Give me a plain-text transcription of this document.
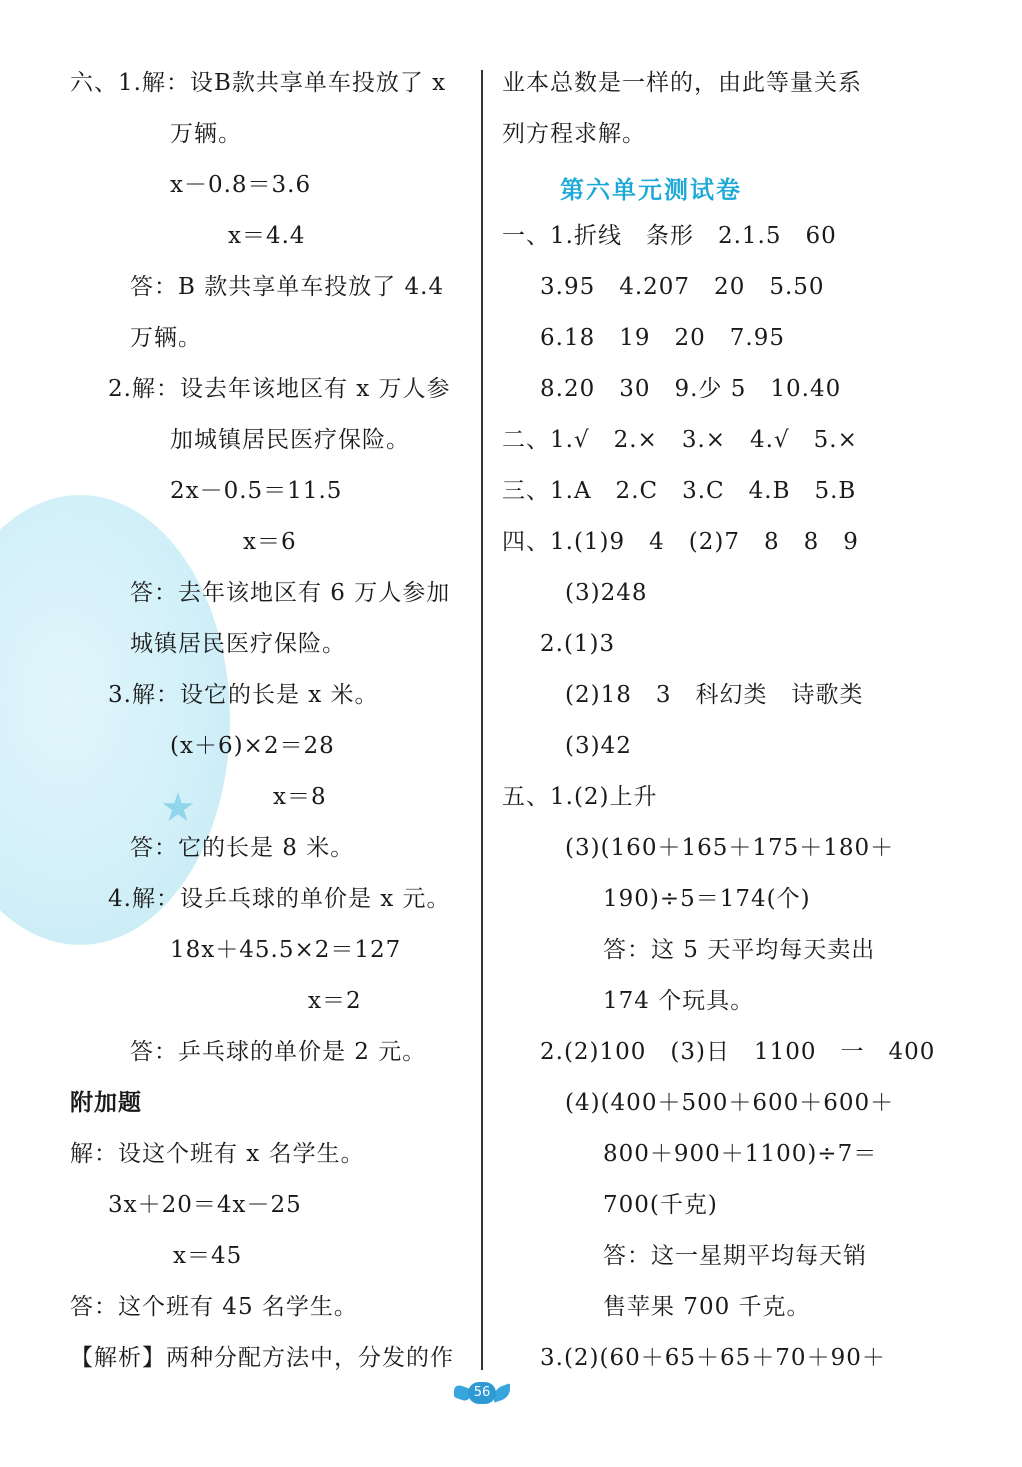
★
六、1.解：设B款共享单车投放了 x
万辆。
x－0.8＝3.6
x＝4.4
答：B 款共享单车投放了 4.4
万辆。
2.解：设去年该地区有 x 万人参
加城镇居民医疗保险。
2x－0.5＝11.5
x＝6
答：去年该地区有 6 万人参加
城镇居民医疗保险。
3.解：设它的长是 x 米。
(x＋6)×2＝28
x＝8
答：它的长是 8 米。
4.解：设乒乓球的单价是 x 元。
18x＋45.5×2＝127
x＝2
答：乒乓球的单价是 2 元。
附加题
解：设这个班有 x 名学生。
3x＋20＝4x－25
x＝45
答：这个班有 45 名学生。
【解析】两种分配方法中，分发的作
业本总数是一样的，由此等量关系
列方程求解。
一、1.折线　条形　2.1.5　60
3.95　4.207　20　5.50
6.18　19　20　7.95
8.20　30　9.少 5　10.40
二、1.√　2.×　3.×　4.√　5.×
三、1.A　2.C　3.C　4.B　5.B
四、1.(1)9　4　(2)7　8　8　9
(3)248
2.(1)3
(2)18　3　科幻类　诗歌类
(3)42
五、1.(2)上升
(3)(160＋165＋175＋180＋
190)÷5＝174(个)
答：这 5 天平均每天卖出
174 个玩具。
2.(2)100　(3)日　1100　一　400
(4)(400＋500＋600＋600＋
800＋900＋1100)÷7＝
700(千克)
答：这一星期平均每天销
售苹果 700 千克。
3.(2)(60＋65＋65＋70＋90＋
第六单元测试卷
56
